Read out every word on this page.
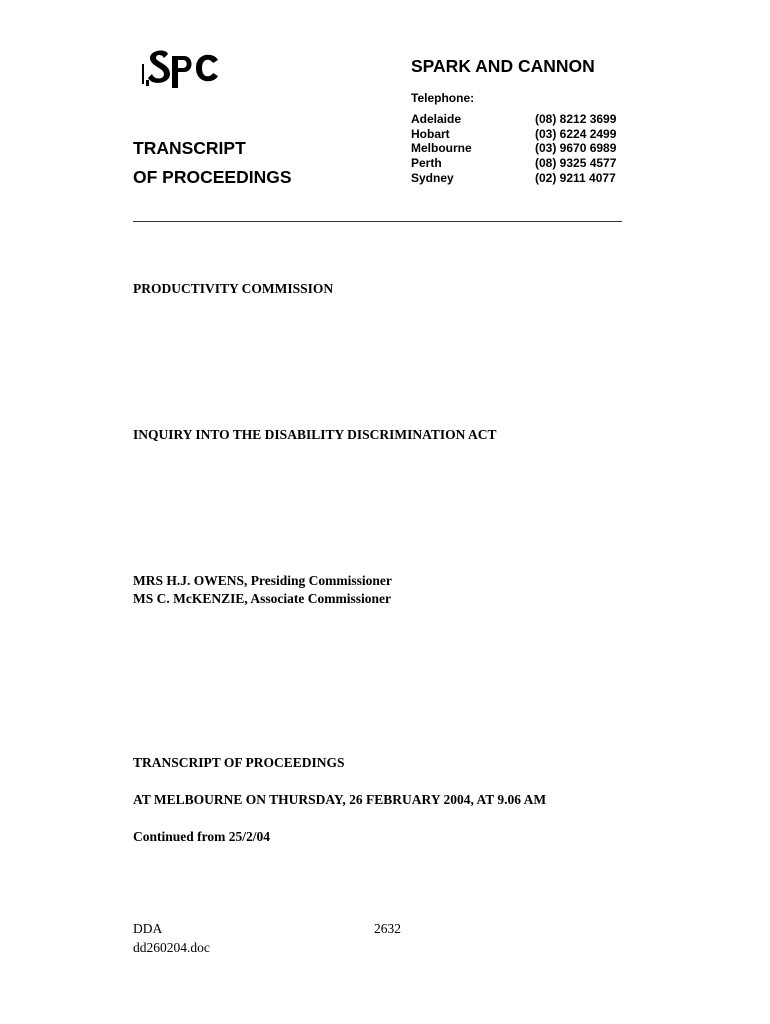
SPARK AND CANNON
Telephone:
Adelaide
Hobart
Melbourne
Perth
Sydney
(08) 8212 3699
(03) 6224 2499
(03) 9670 6989
(08) 9325 4577
(02) 9211 4077
TRANSCRIPT
OF PROCEEDINGS
PRODUCTIVITY COMMISSION
INQUIRY INTO THE DISABILITY DISCRIMINATION ACT
MRS H.J. OWENS, Presiding Commissioner
MS C. McKENZIE, Associate Commissioner
TRANSCRIPT OF PROCEEDINGS
AT MELBOURNE ON THURSDAY, 26 FEBRUARY 2004, AT 9.06 AM
Continued from 25/2/04
DDA
dd260204.doc
2632
